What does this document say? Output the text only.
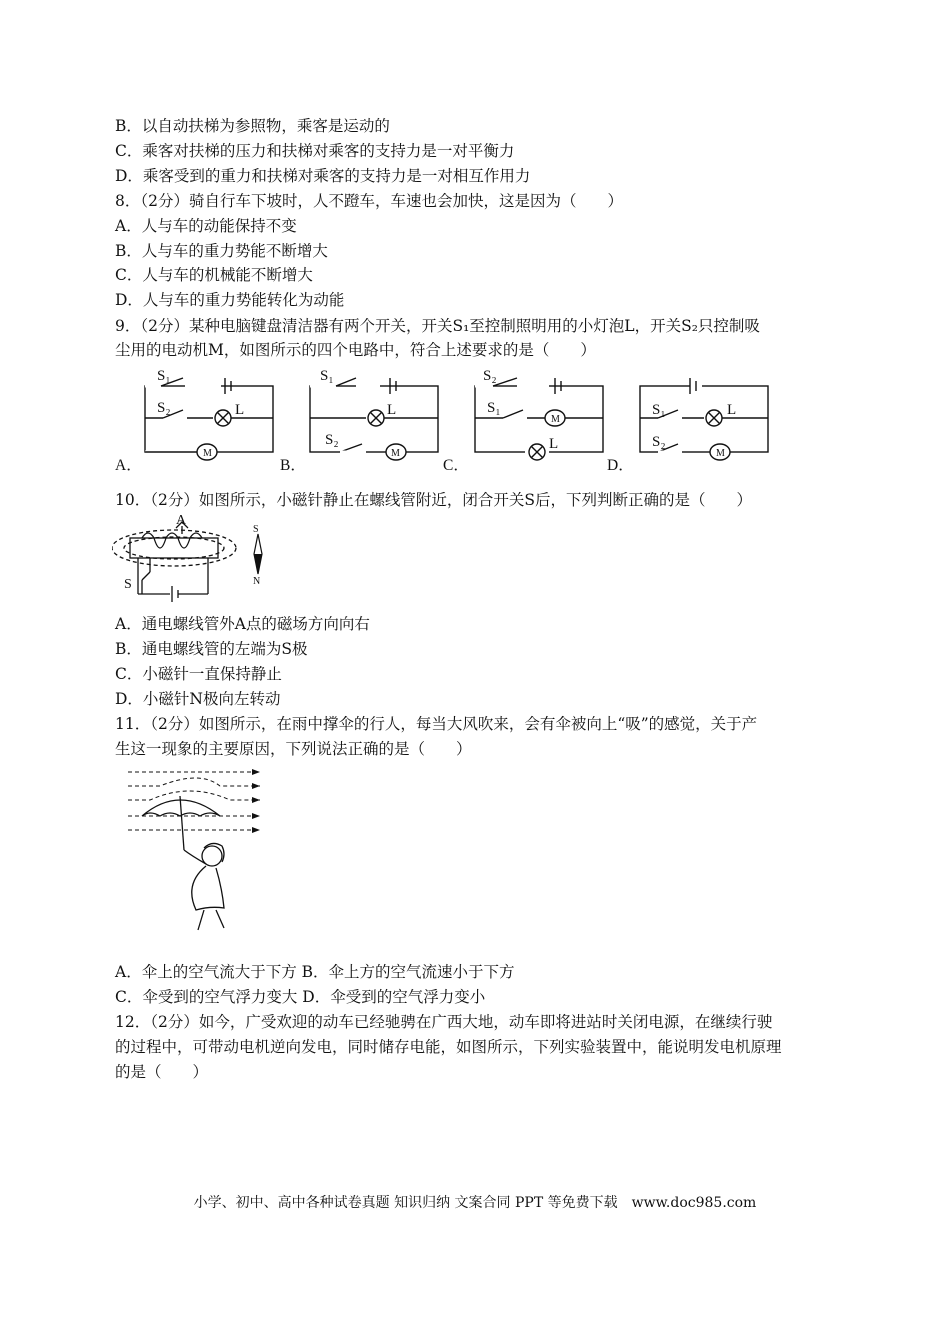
B．以自动扶梯为参照物，乘客是运动的
C．乘客对扶梯的压力和扶梯对乘客的支持力是一对平衡力
D．乘客受到的重力和扶梯对乘客的支持力是一对相互作用力
8．（2分）骑自行车下坡时，人不蹬车，车速也会加快，这是因为（　　）
A．人与车的动能保持不变
B．人与车的重力势能不断增大
C．人与车的机械能不断增大
D．人与车的重力势能转化为动能
9．（2分）某种电脑键盘清洁器有两个开关，开关S₁至控制照明用的小灯泡L，开关S₂只控制吸
尘用的电动机M，如图所示的四个电路中，符合上述要求的是（　　）
S₁
S₂	L
M
S₁
L
S₂
M
S₂
S₁
M
L
S₁	L
S₂
M
A．	B．	C．	D．
10．（2分）如图所示，小磁针静止在螺线管附近，闭合开关S后，下列判断正确的是（　　）
A
S
S
N
A．通电螺线管外A点的磁场方向向右
B．通电螺线管的左端为S极
C．小磁针一直保持静止
D．小磁针N极向左转动
11．（2分）如图所示，在雨中撑伞的行人，每当大风吹来，会有伞被向上“吸”的感觉，关于产
生这一现象的主要原因，下列说法正确的是（　　）
A．伞上的空气流大于下方 B．伞上方的空气流速小于下方
C．伞受到的空气浮力变大 D．伞受到的空气浮力变小
12．（2分）如今，广受欢迎的动车已经驰骋在广西大地，动车即将进站时关闭电源，在继续行驶
的过程中，可带动电机逆向发电，同时储存电能，如图所示，下列实验装置中，能说明发电机原理
的是（　　）
小学、初中、高中各种试卷真题 知识归纳 文案合同 PPT 等免费下载　www.doc985.com
